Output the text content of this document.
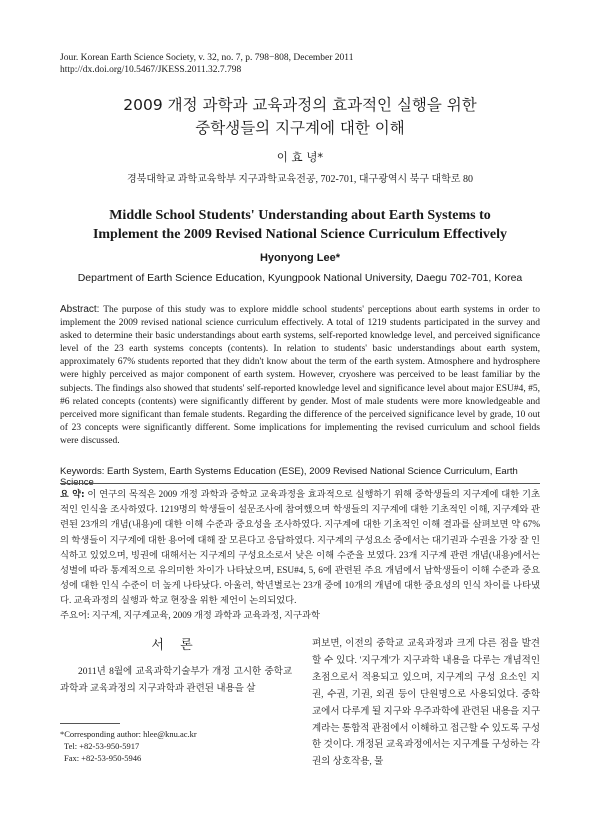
Jour. Korean Earth Science Society, v. 32, no. 7, p. 798−808, December 2011
http://dx.doi.org/10.5467/JKESS.2011.32.7.798
2009 개정 과학과 교육과정의 효과적인 실행을 위한
중학생들의 지구계에 대한 이해
이 효 녕*
경북대학교 과학교육학부 지구과학교육전공, 702-701, 대구광역시 북구 대학로 80
Middle School Students' Understanding about Earth Systems to
Implement the 2009 Revised National Science Curriculum Effectively
Hyonyong Lee*
Department of Earth Science Education, Kyungpook National University, Daegu 702-701, Korea
Abstract: The purpose of this study was to explore middle school students' perceptions about earth systems in order to implement the 2009 revised national science curriculum effectively. A total of 1219 students participated in the survey and asked to determine their basic understandings about earth systems, self-reported knowledge level, and perceived significance level of the 23 earth systems concepts (contents). In relation to students' basic understandings about earth system, approximately 67% students reported that they didn't know about the term of the earth system. Atmosphere and hydrosphere were highly perceived as major component of earth system. However, cryoshere was perceived to be least familiar by the subjects. The findings also showed that students' self-reported knowledge level and significance level about major ESU#4, #5, #6 related concepts (contents) were significantly different by gender. Most of male students were more knowledgeable and perceived more significant than female students. Regarding the difference of the perceived significance level by grade, 10 out of 23 concepts were significantly different. Some implications for implementing the revised curriculum and school fields were discussed.
Keywords: Earth System, Earth Systems Education (ESE), 2009 Revised National Science Curriculum, Earth Science
요 약: 이 연구의 목적은 2009 개정 과학과 중학교 교육과정을 효과적으로 실행하기 위해 중학생들의 지구계에 대한 기초적인 인식을 조사하였다. 1219명의 학생들이 설문조사에 참여했으며 학생들의 지구계에 대한 기초적인 이해, 지구계와 관련된 23개의 개념(내용)에 대한 이해 수준과 중요성을 조사하였다. 지구계에 대한 기초적인 이해 결과를 살펴보면 약 67%의 학생들이 지구계에 대한 용어에 대해 잘 모른다고 응답하였다. 지구계의 구성요소 중에서는 대기권과 수권을 가장 잘 인식하고 있었으며, 빙권에 대해서는 지구계의 구성요소로서 낮은 이해 수준을 보였다. 23개 지구계 관련 개념(내용)에서는 성별에 따라 통계적으로 유의미한 차이가 나타났으며, ESU#4, 5, 6에 관련된 주요 개념에서 남학생들이 이해 수준과 중요성에 대한 인식 수준이 더 높게 나타났다. 아울러, 학년별로는 23개 중에 10개의 개념에 대한 중요성의 인식 차이를 나타냈다. 교육과정의 실행과 학교 현장을 위한 제언이 논의되었다.
주요어: 지구계, 지구계교육, 2009 개정 과학과 교육과정, 지구과학
서 론

2011년 8월에 교육과학기술부가 개정 고시한 중학교 과학과 교육과정의 지구과학과 관련된 내용을 살

*Corresponding author: hlee@knu.ac.kr
Tel: +82-53-950-5917
Fax: +82-53-950-5946

펴보면, 이전의 중학교 교육과정과 크게 다른 점을 발견할 수 있다. '지구계'가 지구과학 내용을 다루는 개념적인 초점으로서 적용되고 있으며, 지구계의 구성 요소인 지권, 수권, 기권, 외권 등이 단원명으로 사용되었다. 중학교에서 다루게 될 지구와 우주과학에 관련된 내용을 지구계라는 통합적 관점에서 이해하고 접근할 수 있도록 구성한 것이다. 개정된 교육과정에서는 지구계를 구성하는 각 권의 상호작용, 물
